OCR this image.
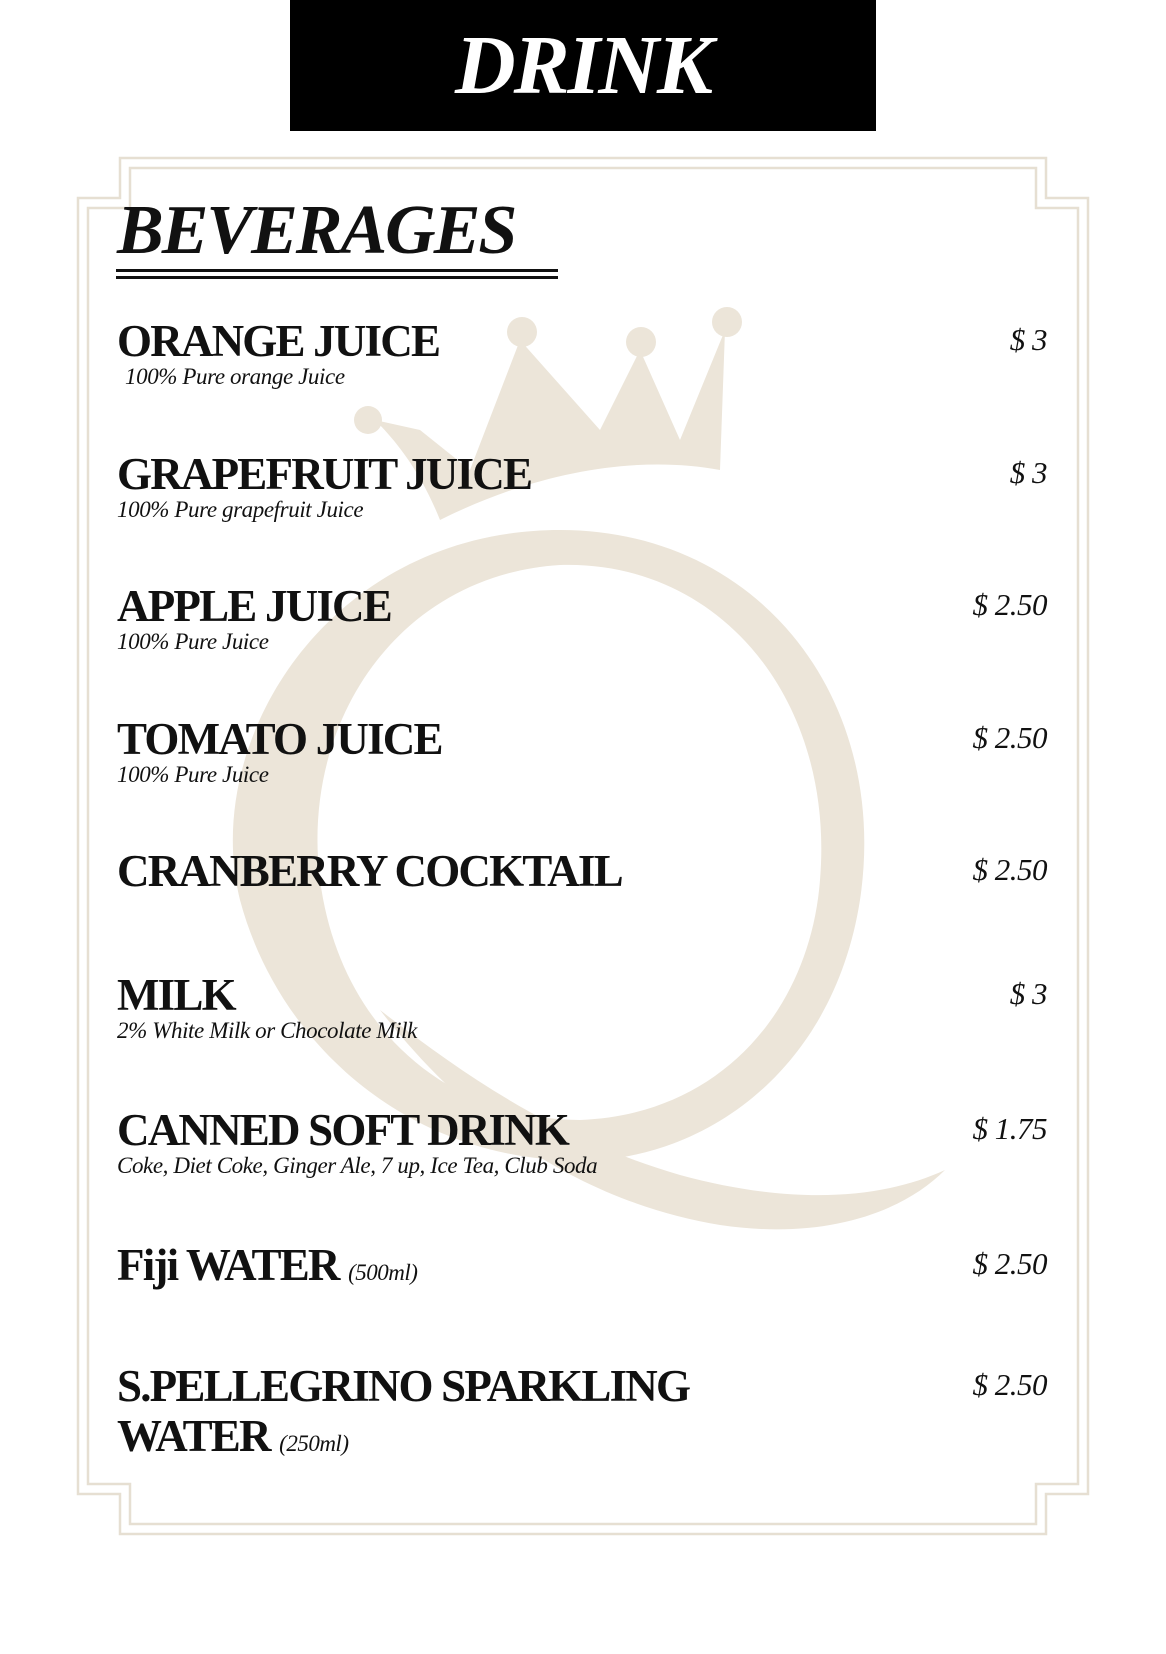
DRINK
BEVERAGES
ORANGE JUICE
100% Pure orange Juice
$ 3
GRAPEFRUIT JUICE
100% Pure grapefruit Juice
$ 3
APPLE JUICE
100% Pure Juice
$ 2.50
TOMATO JUICE
100% Pure Juice
$ 2.50
CRANBERRY COCKTAIL	$ 2.50
MILK
2% White Milk or Chocolate Milk
$ 3
CANNED SOFT DRINK
Coke, Diet Coke, Ginger Ale, 7 up, Ice Tea, Club Soda
$ 1.75
Fiji WATER (500ml)	$ 2.50
S.PELLEGRINO SPARKLING WATER (250ml)
$ 2.50
